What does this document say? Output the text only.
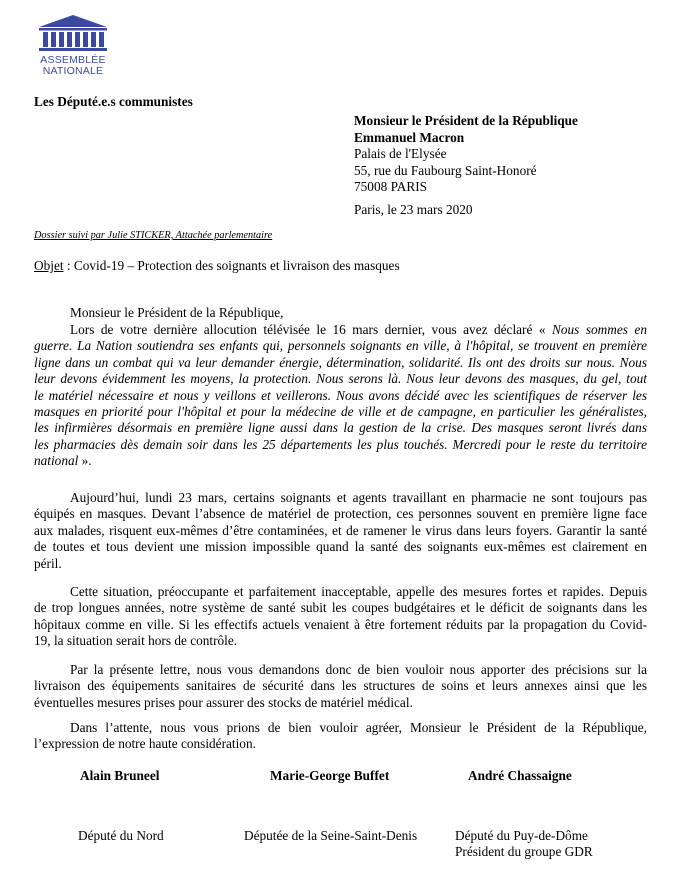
ASSEMBLÉE
NATIONALE
Les Député.e.s communistes
Monsieur le Président de la République
Emmanuel Macron
Palais de l'Elysée
55, rue du Faubourg Saint-Honoré
75008 PARIS
Paris, le 23 mars 2020
Dossier suivi par Julie STICKER, Attachée parlementaire
Objet : Covid-19 – Protection des soignants et livraison des masques
Monsieur le Président de la République,
Lors de votre dernière allocution télévisée le 16 mars dernier, vous avez déclaré « Nous sommes en
guerre. La Nation soutiendra ses enfants qui, personnels soignants en ville, à l'hôpital, se trouvent en première
ligne dans un combat qui va leur demander énergie, détermination, solidarité. Ils ont des droits sur nous. Nous
leur devons évidemment les moyens, la protection. Nous serons là. Nous leur devons des masques, du gel, tout
le matériel nécessaire et nous y veillons et veillerons. Nous avons décidé avec les scientifiques de réserver les
masques en priorité pour l'hôpital et pour la médecine de ville et de campagne, en particulier les généralistes,
les infirmières désormais en première ligne aussi dans la gestion de la crise. Des masques seront livrés dans
les pharmacies dès demain soir dans les 25 départements les plus touchés. Mercredi pour le reste du territoire
national ».
Aujourd’hui, lundi 23 mars, certains soignants et agents travaillant en pharmacie ne sont toujours pas
équipés en masques. Devant l’absence de matériel de protection, ces personnes souvent en première ligne face
aux malades, risquent eux-mêmes d’être contaminées, et de ramener le virus dans leurs foyers. Garantir la santé
de toutes et tous devient une mission impossible quand la santé des soignants eux-mêmes est clairement en
péril.
Cette situation, préoccupante et parfaitement inacceptable, appelle des mesures fortes et rapides. Depuis
de trop longues années, notre système de santé subit les coupes budgétaires et le déficit de soignants dans les
hôpitaux comme en ville. Si les effectifs actuels venaient à être fortement réduits par la propagation du Covid-
19, la situation serait hors de contrôle.
Par la présente lettre, nous vous demandons donc de bien vouloir nous apporter des précisions sur la
livraison des équipements sanitaires de sécurité dans les structures de soins et leurs annexes ainsi que les
éventuelles mesures prises pour assurer des stocks de matériel médical.
Dans l’attente, nous vous prions de bien vouloir agréer, Monsieur le Président de la République,
l’expression de notre haute considération.
Alain Bruneel	Marie-George Buffet	André Chassaigne
Député du Nord	Députée de la Seine-Saint-Denis	Député du Puy-de-Dôme
Président du groupe GDR
